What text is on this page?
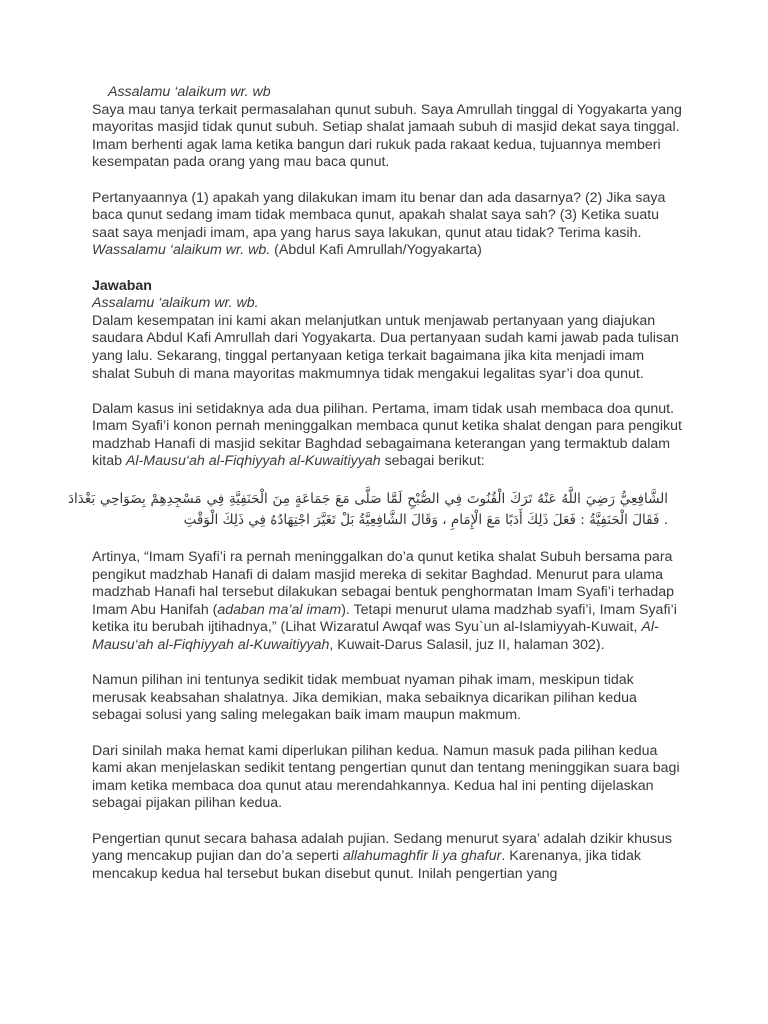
Assalamu ‘alaikum wr. wb

Saya mau tanya terkait permasalahan qunut subuh. Saya Amrullah tinggal di Yogyakarta yang mayoritas masjid tidak qunut subuh. Setiap shalat jamaah subuh di masjid dekat saya tinggal. Imam berhenti agak lama ketika bangun dari rukuk pada rakaat kedua, tujuannya memberi kesempatan pada orang yang mau baca qunut.

Pertanyaannya (1) apakah yang dilakukan imam itu benar dan ada dasarnya? (2) Jika saya baca qunut sedang imam tidak membaca qunut, apakah shalat saya sah? (3) Ketika suatu saat saya menjadi imam, apa yang harus saya lakukan, qunut atau tidak? Terima kasih. Wassalamu ‘alaikum wr. wb. (Abdul Kafi Amrullah/Yogyakarta)

Jawaban

Assalamu ‘alaikum wr. wb.

Dalam kesempatan ini kami akan melanjutkan untuk menjawab pertanyaan yang diajukan saudara Abdul Kafi Amrullah dari Yogyakarta. Dua pertanyaan sudah kami jawab pada tulisan yang lalu. Sekarang, tinggal pertanyaan ketiga terkait bagaimana jika kita menjadi imam shalat Subuh di mana mayoritas makmumnya tidak mengakui legalitas syar’i doa qunut.

Dalam kasus ini setidaknya ada dua pilihan. Pertama, imam tidak usah membaca doa qunut. Imam Syafi’i konon pernah meninggalkan membaca qunut ketika shalat dengan para pengikut madzhab Hanafi di masjid sekitar Baghdad sebagaimana keterangan yang termaktub dalam kitab Al-Mausu‘ah al-Fiqhiyyah al-Kuwaitiyyah sebagai berikut:

الشَّافِعِيُّ رَضِيَ اللَّهُ عَنْهُ تَرَكَ الْقُنُوتَ فِي الصُّبْحِ لَمَّا صَلَّى مَعَ جَمَاعَةٍ مِنَ الْحَنَفِيَّةِ فِي مَسْجِدِهِمْ بِضَوَاحِي بَغْدَادَ . فَقَالَ الْحَنَفِيَّةُ : فَعَلَ ذَلِكَ أَدَبًا مَعَ الْإِمَامِ ، وَقَالَ الشَّافِعِيَّةُ بَلْ تَغَيَّرَ اجْتِهَادُهُ فِي ذَلِكَ الْوَقْتِ

Artinya, “Imam Syafi’i ra pernah meninggalkan do’a qunut ketika shalat Subuh bersama para pengikut madzhab Hanafi di dalam masjid mereka di sekitar Baghdad. Menurut para ulama madzhab Hanafi hal tersebut dilakukan sebagai bentuk penghormatan Imam Syafi’i terhadap Imam Abu Hanifah (adaban ma’al imam). Tetapi menurut ulama madzhab syafi’i, Imam Syafi’i ketika itu berubah ijtihadnya,” (Lihat Wizaratul Awqaf was Syu`un al-Islamiyyah-Kuwait, Al-Mausu‘ah al-Fiqhiyyah al-Kuwaitiyyah, Kuwait-Darus Salasil, juz II, halaman 302).

Namun pilihan ini tentunya sedikit tidak membuat nyaman pihak imam, meskipun tidak merusak keabsahan shalatnya. Jika demikian, maka sebaiknya dicarikan pilihan kedua sebagai solusi yang saling melegakan baik imam maupun makmum.

Dari sinilah maka hemat kami diperlukan pilihan kedua. Namun masuk pada pilihan kedua kami akan menjelaskan sedikit tentang pengertian qunut dan tentang meninggikan suara bagi imam ketika membaca doa qunut atau merendahkannya. Kedua hal ini penting dijelaskan sebagai pijakan pilihan kedua.

Pengertian qunut secara bahasa adalah pujian. Sedang menurut syara’ adalah dzikir khusus yang mencakup pujian dan do’a seperti allahumaghfir li ya ghafur. Karenanya, jika tidak mencakup kedua hal tersebut bukan disebut qunut. Inilah pengertian yang
